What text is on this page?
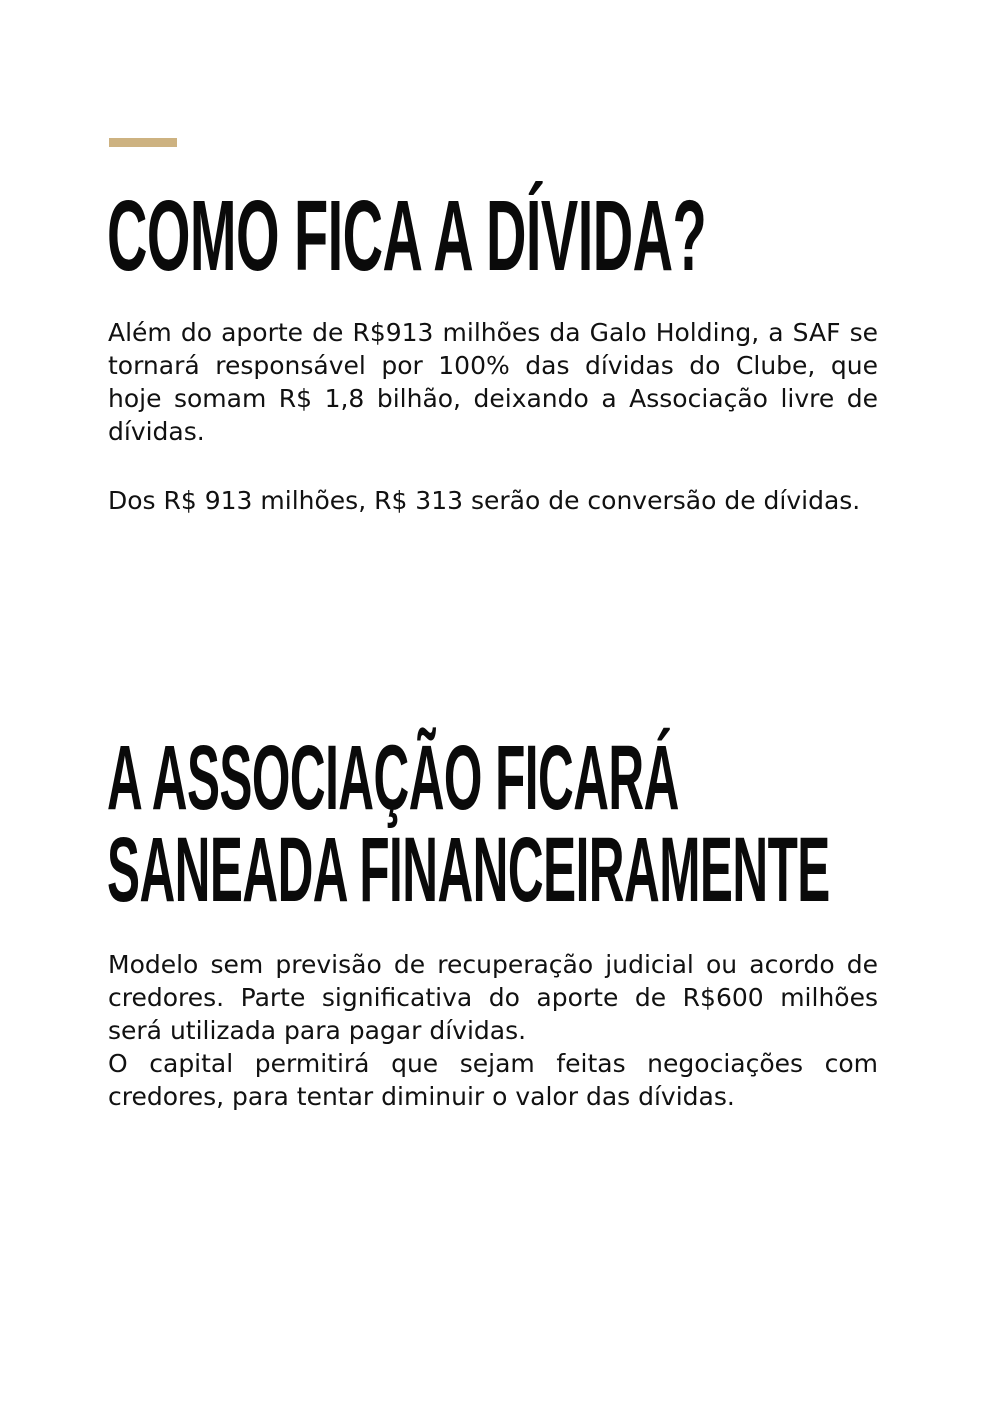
COMO FICA A DÍVIDA?

Além do aporte de R$913 milhões da Galo Holding, a SAF se tornará responsável por 100% das dívidas do Clube, que hoje somam R$ 1,8 bilhão, deixando a Associação livre de dívidas.

Dos R$ 913 milhões, R$ 313 serão de conversão de dívidas.

A ASSOCIAÇÃO FICARÁ
SANEADA FINANCEIRAMENTE

Modelo sem previsão de recuperação judicial ou acordo de credores. Parte significativa do aporte de R$600 milhões será utilizada para pagar dívidas.

O capital permitirá que sejam feitas negociações com credores, para tentar diminuir o valor das dívidas.
